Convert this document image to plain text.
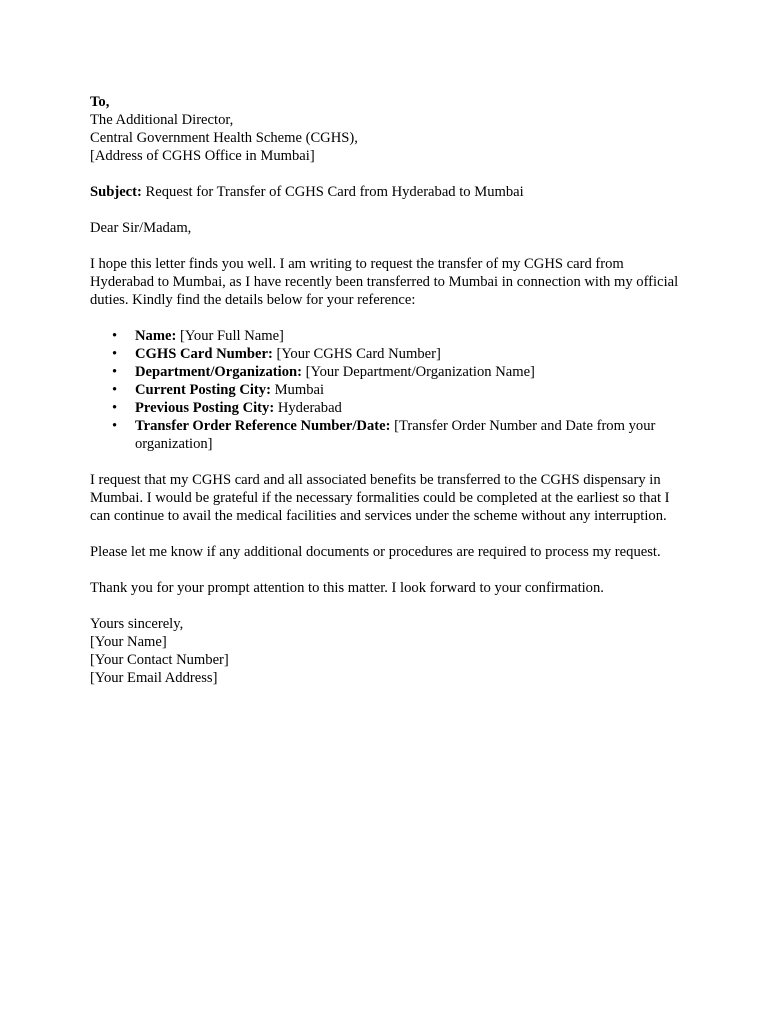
To,
The Additional Director,
Central Government Health Scheme (CGHS),
[Address of CGHS Office in Mumbai]
Subject: Request for Transfer of CGHS Card from Hyderabad to Mumbai
Dear Sir/Madam,
I hope this letter finds you well. I am writing to request the transfer of my CGHS card from Hyderabad to Mumbai, as I have recently been transferred to Mumbai in connection with my official duties. Kindly find the details below for your reference:
• Name: [Your Full Name]
• CGHS Card Number: [Your CGHS Card Number]
• Department/Organization: [Your Department/Organization Name]
• Current Posting City: Mumbai
• Previous Posting City: Hyderabad
• Transfer Order Reference Number/Date: [Transfer Order Number and Date from your organization]
I request that my CGHS card and all associated benefits be transferred to the CGHS dispensary in Mumbai. I would be grateful if the necessary formalities could be completed at the earliest so that I can continue to avail the medical facilities and services under the scheme without any interruption.
Please let me know if any additional documents or procedures are required to process my request.
Thank you for your prompt attention to this matter. I look forward to your confirmation.
Yours sincerely,
[Your Name]
[Your Contact Number]
[Your Email Address]
